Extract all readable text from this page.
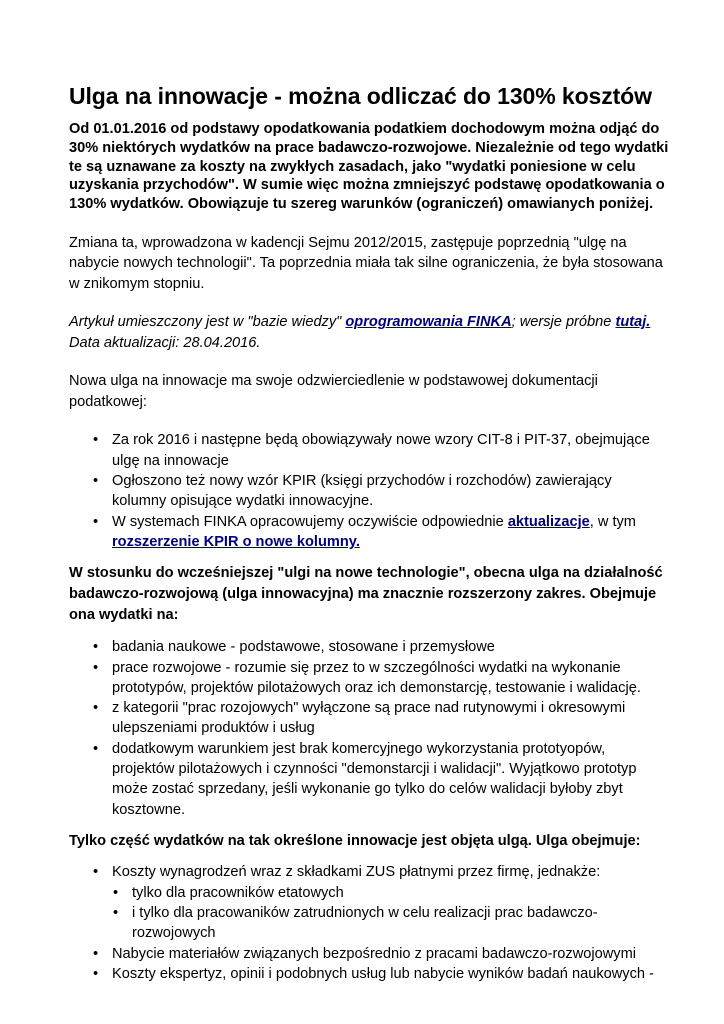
Ulga na innowacje - można odliczać do 130% kosztów

Od 01.01.2016 od podstawy opodatkowania podatkiem dochodowym można odjąć do 30% niektórych wydatków na prace badawczo-rozwojowe. Niezależnie od tego wydatki te są uznawane za koszty na zwykłych zasadach, jako "wydatki poniesione w celu uzyskania przychodów". W sumie więc można zmniejszyć podstawę opodatkowania o 130% wydatków. Obowiązuje tu szereg warunków (ograniczeń) omawianych poniżej.

Zmiana ta, wprowadzona w kadencji Sejmu 2012/2015, zastępuje poprzednią "ulgę na nabycie nowych technologii". Ta poprzednia miała tak silne ograniczenia, że była stosowana w znikomym stopniu.

Artykuł umieszczony jest w "bazie wiedzy" oprogramowania FINKA; wersje próbne tutaj.
Data aktualizacji: 28.04.2016.

Nowa ulga na innowacje ma swoje odzwierciedlenie w podstawowej dokumentacji podatkowej:

• Za rok 2016 i następne będą obowiązywały nowe wzory CIT-8 i PIT-37, obejmujące ulgę na innowacje
• Ogłoszono też nowy wzór KPIR (księgi przychodów i rozchodów) zawierający kolumny opisujące wydatki innowacyjne.
• W systemach FINKA opracowujemy oczywiście odpowiednie aktualizacje, w tym rozszerzenie KPIR o nowe kolumny.

W stosunku do wcześniejszej "ulgi na nowe technologie", obecna ulga na działalność badawczo-rozwojową (ulga innowacyjna) ma znacznie rozszerzony zakres. Obejmuje ona wydatki na:

• badania naukowe - podstawowe, stosowane i przemysłowe
• prace rozwojowe - rozumie się przez to w szczególności wydatki na wykonanie prototypów, projektów pilotażowych oraz ich demonstarcję, testowanie i walidację.
• z kategorii "prac rozojowych" wyłączone są prace nad rutynowymi i okresowymi ulepszeniami produktów i usług
• dodatkowym warunkiem jest brak komercyjnego wykorzystania prototyopów, projektów pilotażowych i czynności "demonstarcji i walidacji". Wyjątkowo prototyp może zostać sprzedany, jeśli wykonanie go tylko do celów walidacji byłoby zbyt kosztowne.

Tylko część wydatków na tak określone innowacje jest objęta ulgą. Ulga obejmuje:

• Koszty wynagrodzeń wraz z składkami ZUS płatnymi przez firmę, jednakże:
• tylko dla pracowników etatowych
• i tylko dla pracowaników zatrudnionych w celu realizacji prac badawczo-rozwojowych
• Nabycie materiałów związanych bezpośrednio z pracami badawczo-rozwojowymi
• Koszty ekspertyz, opinii i podobnych usług lub nabycie wyników badań naukowych -
